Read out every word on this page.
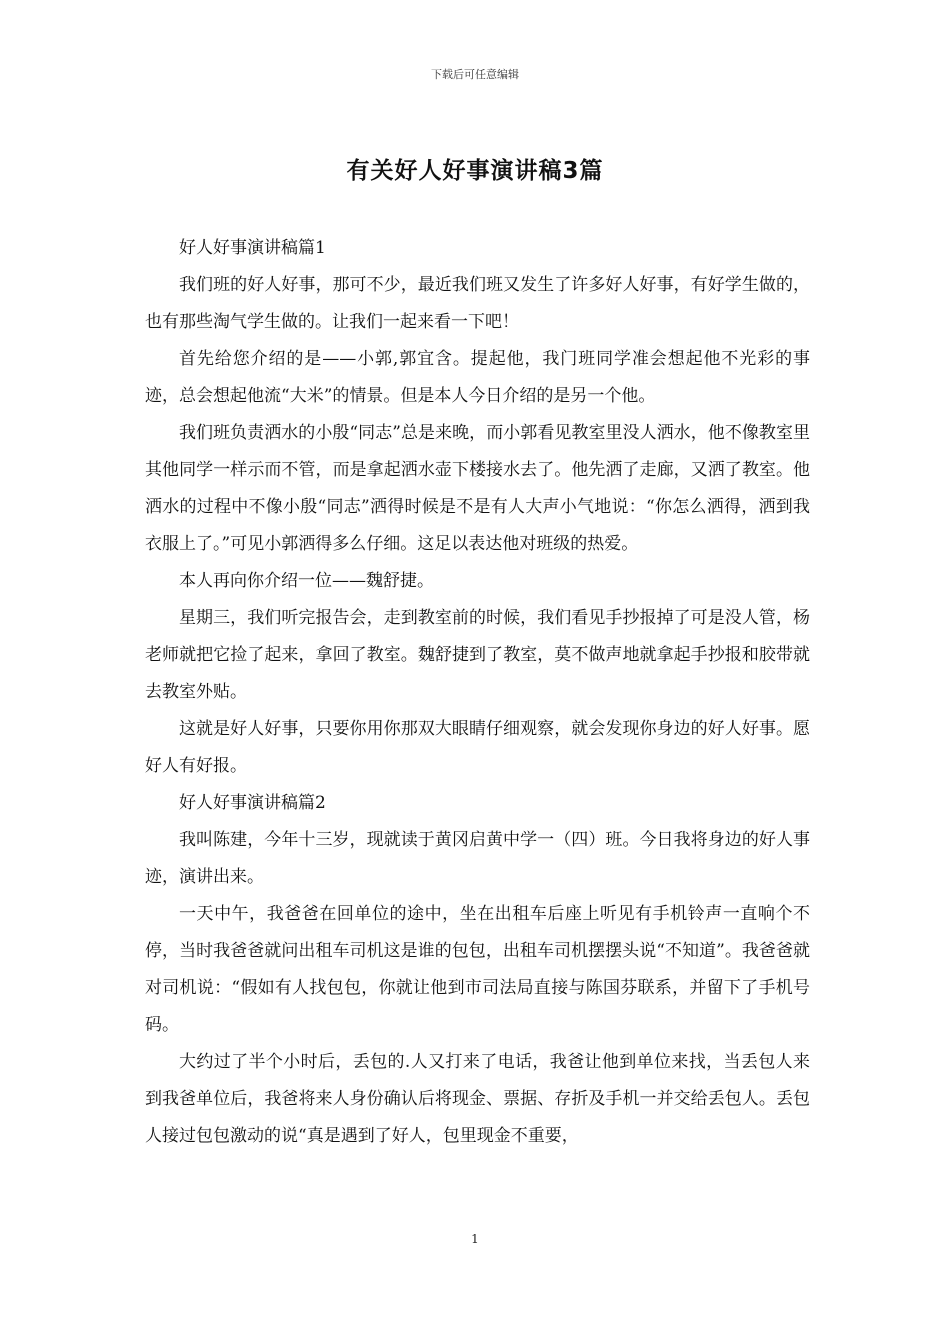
下载后可任意编辑
有关好人好事演讲稿3篇

好人好事演讲稿篇1

我们班的好人好事，那可不少，最近我们班又发生了许多好人好事，有好学生做的，也有那些淘气学生做的。让我们一起来看一下吧！

首先给您介绍的是——小郭,郭宜含。提起他，我门班同学准会想起他不光彩的事迹，总会想起他流“大米”的情景。但是本人今日介绍的是另一个他。

我们班负责洒水的小殷“同志”总是来晚，而小郭看见教室里没人洒水，他不像教室里其他同学一样示而不管，而是拿起洒水壶下楼接水去了。他先洒了走廊，又洒了教室。他洒水的过程中不像小殷“同志”洒得时候是不是有人大声小气地说：“你怎么洒得，洒到我衣服上了。”可见小郭洒得多么仔细。这足以表达他对班级的热爱。

本人再向你介绍一位——魏舒捷。

星期三，我们听完报告会，走到教室前的时候，我们看见手抄报掉了可是没人管，杨老师就把它捡了起来，拿回了教室。魏舒捷到了教室，莫不做声地就拿起手抄报和胶带就去教室外贴。

这就是好人好事，只要你用你那双大眼睛仔细观察，就会发现你身边的好人好事。愿好人有好报。

好人好事演讲稿篇2

我叫陈建，今年十三岁，现就读于黄冈启黄中学一（四）班。今日我将身边的好人事迹，演讲出来。

一天中午，我爸爸在回单位的途中，坐在出租车后座上听见有手机铃声一直响个不停，当时我爸爸就问出租车司机这是谁的包包，出租车司机摆摆头说“不知道”。我爸爸就对司机说：“假如有人找包包，你就让他到市司法局直接与陈国芬联系，并留下了手机号码。

大约过了半个小时后，丢包的.人又打来了电话，我爸让他到单位来找，当丢包人来到我爸单位后，我爸将来人身份确认后将现金、票据、存折及手机一并交给丢包人。丢包人接过包包激动的说“真是遇到了好人，包里现金不重要，

1
